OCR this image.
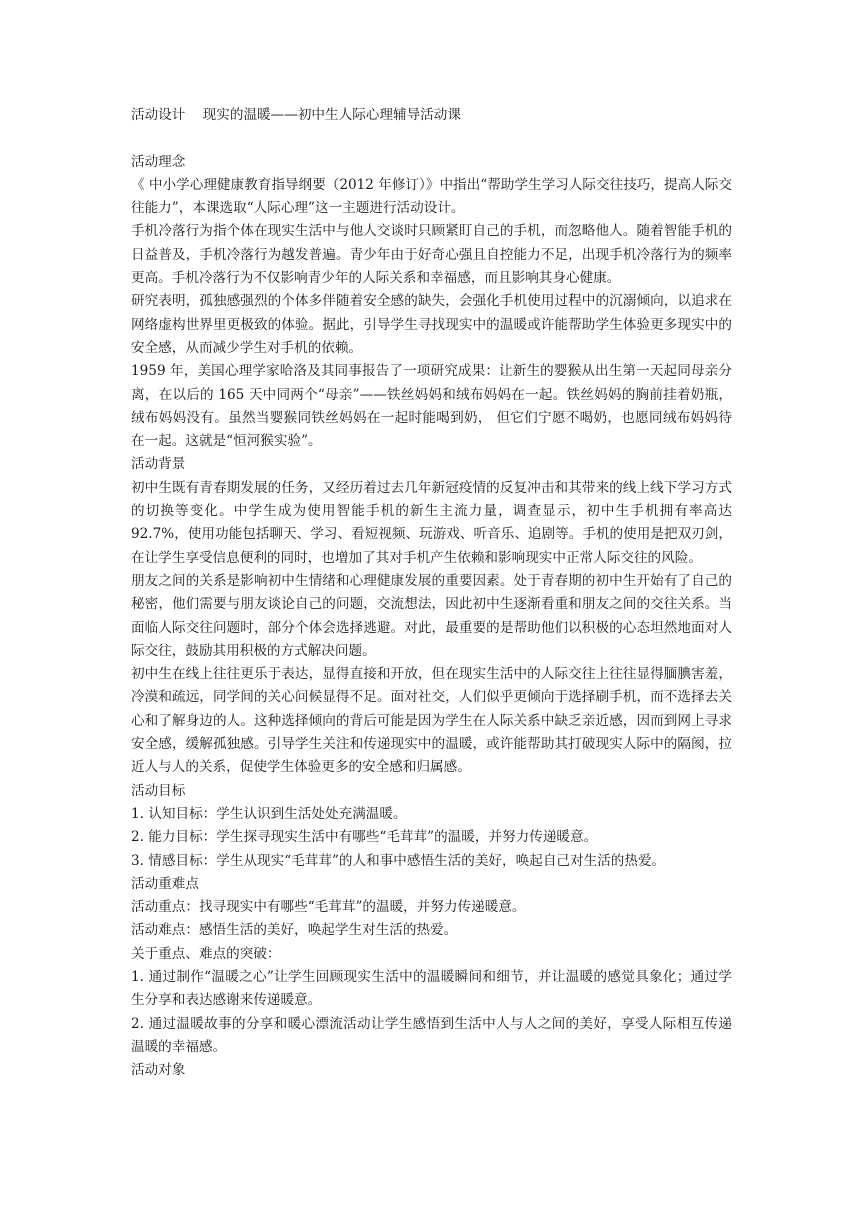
活动设计    现实的温暖——初中生人际心理辅导活动课
活动理念

《 中小学心理健康教育指导纲要（2012 年修订）》中指出“帮助学生学习人际交往技巧，提高人际交往能力”，本课选取“人际心理”这一主题进行活动设计。

手机冷落行为指个体在现实生活中与他人交谈时只顾紧盯自己的手机，而忽略他人。随着智能手机的日益普及，手机冷落行为越发普遍。青少年由于好奇心强且自控能力不足，出现手机冷落行为的频率更高。手机冷落行为不仅影响青少年的人际关系和幸福感，而且影响其身心健康。

研究表明，孤独感强烈的个体多伴随着安全感的缺失，会强化手机使用过程中的沉溺倾向，以追求在网络虚构世界里更极致的体验。据此，引导学生寻找现实中的温暖或许能帮助学生体验更多现实中的安全感，从而减少学生对手机的依赖。

1959 年，美国心理学家哈洛及其同事报告了一项研究成果：让新生的婴猴从出生第一天起同母亲分离，在以后的 165 天中同两个“母亲”——铁丝妈妈和绒布妈妈在一起。铁丝妈妈的胸前挂着奶瓶，绒布妈妈没有。虽然当婴猴同铁丝妈妈在一起时能喝到奶， 但它们宁愿不喝奶，也愿同绒布妈妈待在一起。这就是“恒河猴实验”。

活动背景

初中生既有青春期发展的任务，又经历着过去几年新冠疫情的反复冲击和其带来的线上线下学习方式的切换等变化。中学生成为使用智能手机的新生主流力量，调查显示，初中生手机拥有率高达 92.7%，使用功能包括聊天、学习、看短视频、玩游戏、听音乐、追剧等。手机的使用是把双刃剑，在让学生享受信息便利的同时，也增加了其对手机产生依赖和影响现实中正常人际交往的风险。

朋友之间的关系是影响初中生情绪和心理健康发展的重要因素。处于青春期的初中生开始有了自己的秘密，他们需要与朋友谈论自己的问题，交流想法，因此初中生逐渐看重和朋友之间的交往关系。当面临人际交往问题时，部分个体会选择逃避。对此，最重要的是帮助他们以积极的心态坦然地面对人际交往，鼓励其用积极的方式解决问题。

初中生在线上往往更乐于表达，显得直接和开放，但在现实生活中的人际交往上往往显得腼腆害羞，冷漠和疏远，同学间的关心问候显得不足。面对社交，人们似乎更倾向于选择刷手机，而不选择去关心和了解身边的人。这种选择倾向的背后可能是因为学生在人际关系中缺乏亲近感，因而到网上寻求安全感，缓解孤独感。引导学生关注和传递现实中的温暖，或许能帮助其打破现实人际中的隔阂，拉近人与人的关系，促使学生体验更多的安全感和归属感。

活动目标

1. 认知目标：学生认识到生活处处充满温暖。

2. 能力目标：学生探寻现实生活中有哪些“毛茸茸”的温暖，并努力传递暖意。

3. 情感目标：学生从现实“毛茸茸”的人和事中感悟生活的美好，唤起自己对生活的热爱。

活动重难点

活动重点：找寻现实中有哪些“毛茸茸”的温暖，并努力传递暖意。

活动难点：感悟生活的美好，唤起学生对生活的热爱。

关于重点、难点的突破：

1. 通过制作“温暖之心”让学生回顾现实生活中的温暖瞬间和细节，并让温暖的感觉具象化；通过学生分享和表达感谢来传递暖意。

2. 通过温暖故事的分享和暖心漂流活动让学生感悟到生活中人与人之间的美好，享受人际相互传递温暖的幸福感。

活动对象
